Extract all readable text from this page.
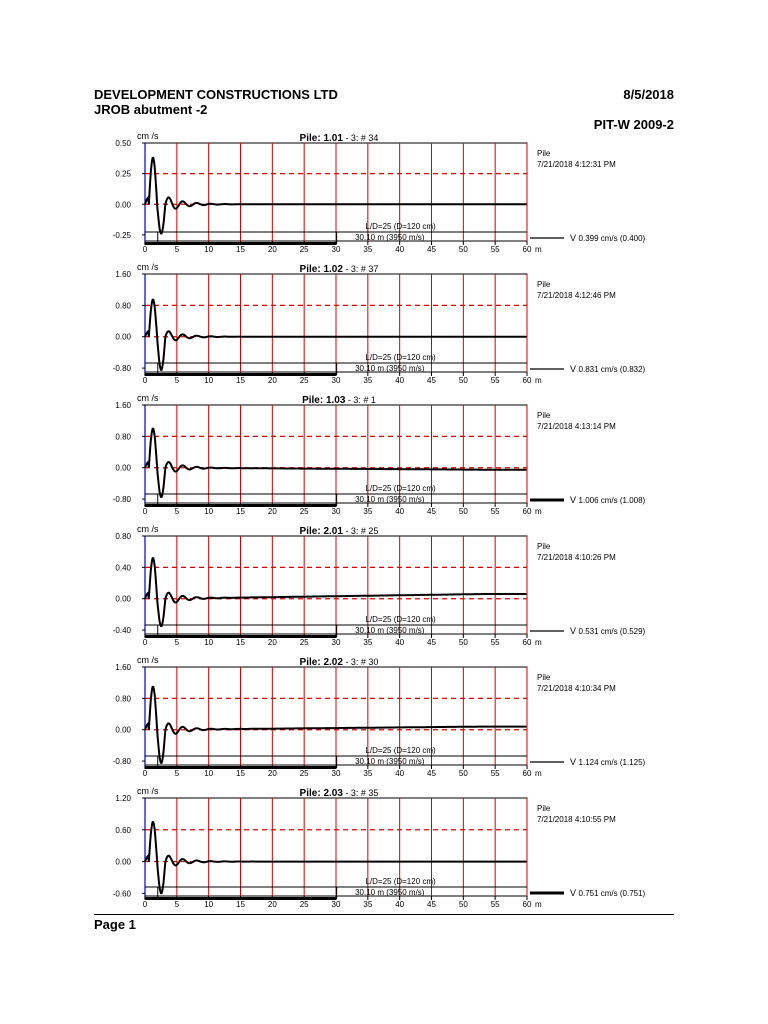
DEVELOPMENT CONSTRUCTIONS LTD
JROB abutment -2
8/5/2018
PIT-W 2009-2
cm /s	Pile: 1.01 - 3: # 34
0.50
0.25
0.00
-0.25
L/D=25 (D=120 cm)
30.10 m (3950 m/s)
0	5	10	15	20	25	30	35	40	45	50	55	60 m
V 0.399 cm/s (0.400)
Pile
7/21/2018 4:12:31 PM
cm /s	Pile: 1.02 - 3: # 37
1.60
0.80
0.00
-0.80
L/D=25 (D=120 cm)
30.10 m (3950 m/s)
0	5	10	15	20	25	30	35	40	45	50	55	60 m
V 0.831 cm/s (0.832)
Pile
7/21/2018 4:12:46 PM
cm /s	Pile: 1.03 - 3: # 1
1.60
0.80
0.00
-0.80
L/D=25 (D=120 cm)
30.10 m (3950 m/s)
0	5	10	15	20	25	30	35	40	45	50	55	60 m
V 1.006 cm/s (1.008)
Pile
7/21/2018 4:13:14 PM
cm /s	Pile: 2.01 - 3: # 25
0.80
0.40
0.00
-0.40
L/D=25 (D=120 cm)
30.10 m (3950 m/s)
0	5	10	15	20	25	30	35	40	45	50	55	60 m
V 0.531 cm/s (0.529)
Pile
7/21/2018 4:10:26 PM
cm /s	Pile: 2.02 - 3: # 30
1.60
0.80
0.00
-0.80
L/D=25 (D=120 cm)
30.10 m (3950 m/s)
0	5	10	15	20	25	30	35	40	45	50	55	60 m
V 1.124 cm/s (1.125)
Pile
7/21/2018 4:10:34 PM
cm /s	Pile: 2.03 - 3: # 35
1.20
0.60
0.00
-0.60
L/D=25 (D=120 cm)
30.10 m (3950 m/s)
0	5	10	15	20	25	30	35	40	45	50	55	60 m
V 0.751 cm/s (0.751)
Pile
7/21/2018 4:10:55 PM
Page 1
